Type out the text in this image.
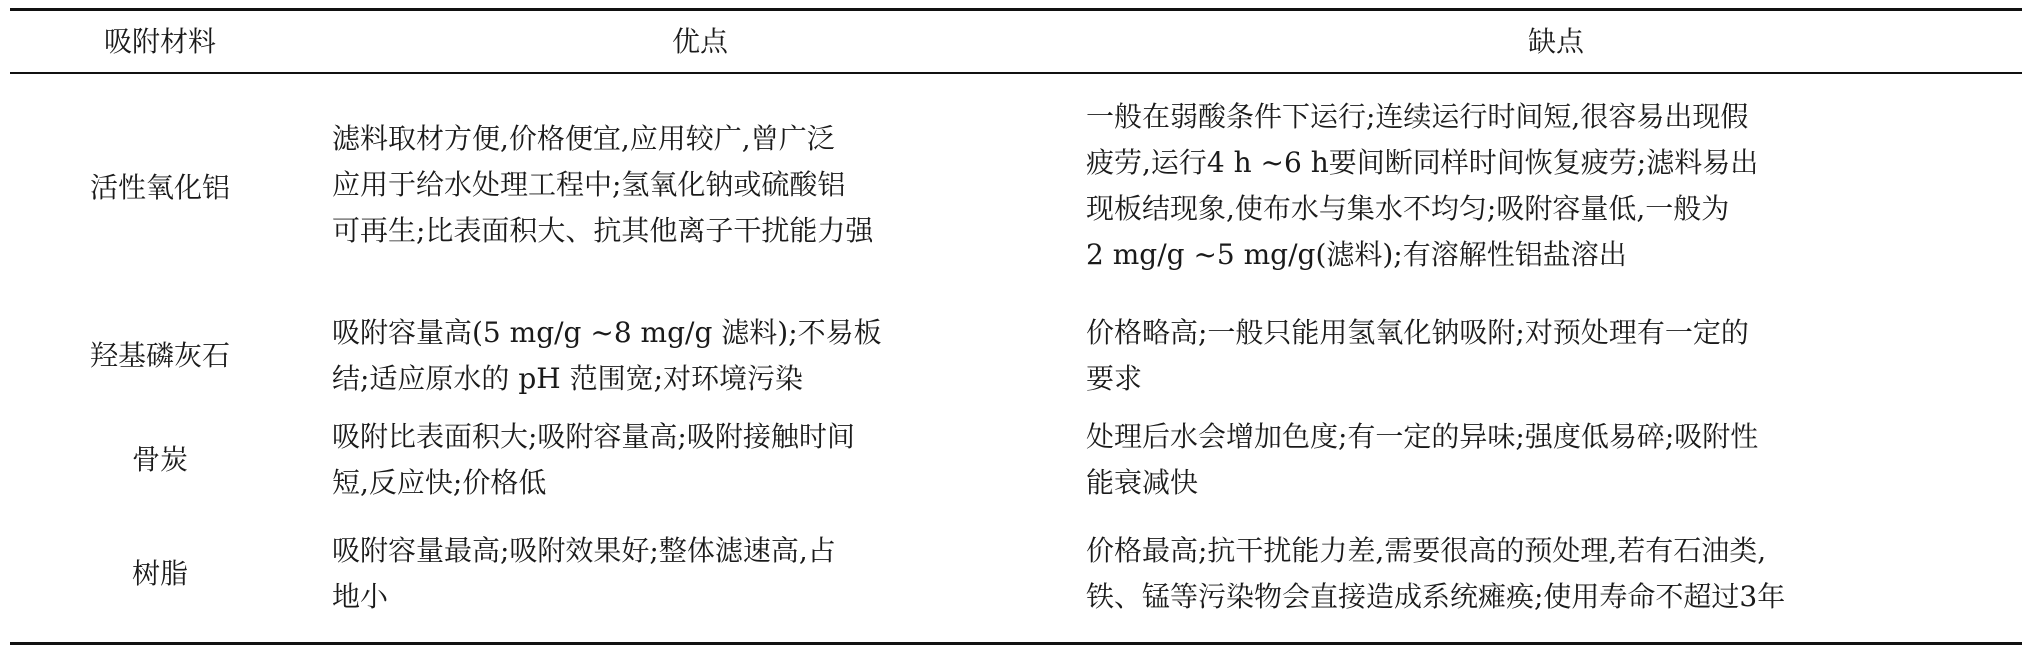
吸附材料	优点	缺点
活性氧化铝
滤料取材方便,价格便宜,应用较广,曾广泛
应用于给水处理工程中;氢氧化钠或硫酸铝
可再生;比表面积大、抗其他离子干扰能力强
一般在弱酸条件下运行;连续运行时间短,很容易出现假
疲劳,运行4 h ~6 h要间断同样时间恢复疲劳;滤料易出
现板结现象,使布水与集水不均匀;吸附容量低,一般为
2 mg/g ~5 mg/g(滤料);有溶解性铝盐溶出
羟基磷灰石
吸附容量高(5 mg/g ~8 mg/g 滤料);不易板
结;适应原水的 pH 范围宽;对环境污染
价格略高;一般只能用氢氧化钠吸附;对预处理有一定的
要求
骨炭
吸附比表面积大;吸附容量高;吸附接触时间
短,反应快;价格低
处理后水会增加色度;有一定的异味;强度低易碎;吸附性
能衰减快
树脂
吸附容量最高;吸附效果好;整体滤速高,占
地小
价格最高;抗干扰能力差,需要很高的预处理,若有石油类,
铁、锰等污染物会直接造成系统瘫痪;使用寿命不超过3年
